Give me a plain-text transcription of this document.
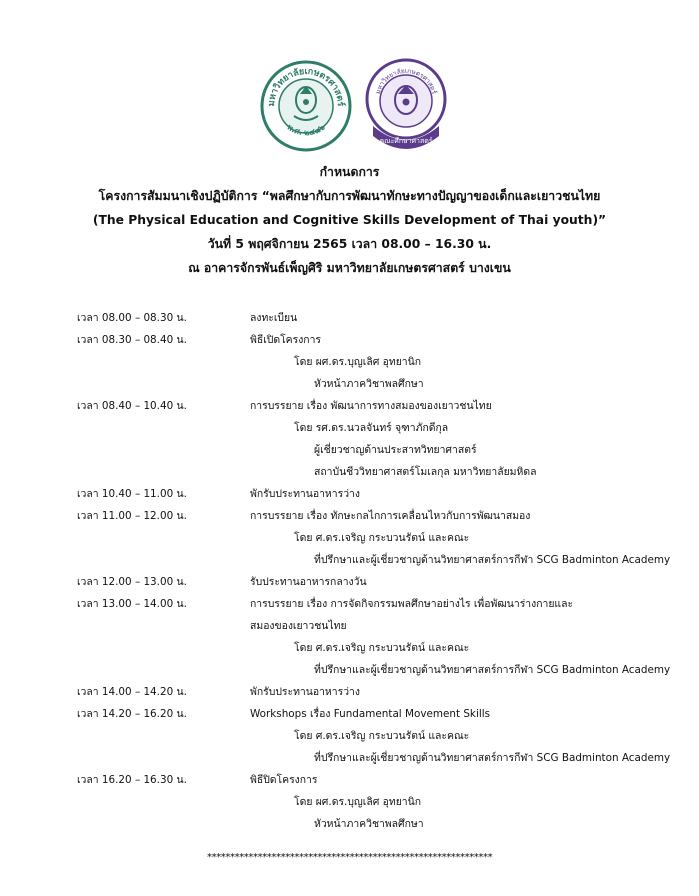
มหาวิทยาลัยเกษตรศาสตร์
พ.ศ. ๒๔๘๖
มหาวิทยาลัยเกษตรศาสตร์
คณะศึกษาศาสตร์
กำหนดการ
โครงการสัมมนาเชิงปฏิบัติการ “พลศึกษากับการพัฒนาทักษะทางปัญญาของเด็กและเยาวชนไทย
(The Physical Education and Cognitive Skills Development of Thai youth)”
วันที่ 5 พฤศจิกายน 2565 เวลา 08.00 – 16.30 น.
ณ อาคารจักรพันธ์เพ็ญศิริ มหาวิทยาลัยเกษตรศาสตร์ บางเขน
เวลา 08.00 – 08.30 น.	ลงทะเบียน
เวลา 08.30 – 08.40 น.	พิธีเปิดโครงการ
โดย ผศ.ดร.บุญเลิศ อุทยานิก
หัวหน้าภาควิชาพลศึกษา
เวลา 08.40 – 10.40 น.	การบรรยาย เรื่อง พัฒนาการทางสมองของเยาวชนไทย
โดย รศ.ดร.นวลจันทร์ จุฑาภักดีกุล
ผู้เชี่ยวชาญด้านประสาทวิทยาศาสตร์
สถาบันชีววิทยาศาสตร์โมเลกุล มหาวิทยาลัยมหิดล
เวลา 10.40 – 11.00 น.	พักรับประทานอาหารว่าง
เวลา 11.00 – 12.00 น.	การบรรยาย เรื่อง ทักษะกลไกการเคลื่อนไหวกับการพัฒนาสมอง
โดย ศ.ดร.เจริญ กระบวนรัตน์ และคณะ
ที่ปรึกษาและผู้เชี่ยวชาญด้านวิทยาศาสตร์การกีฬา SCG Badminton Academy
เวลา 12.00 – 13.00 น.	รับประทานอาหารกลางวัน
เวลา 13.00 – 14.00 น.	การบรรยาย เรื่อง การจัดกิจกรรมพลศึกษาอย่างไร เพื่อพัฒนาร่างกายและ
สมองของเยาวชนไทย
โดย ศ.ดร.เจริญ กระบวนรัตน์ และคณะ
ที่ปรึกษาและผู้เชี่ยวชาญด้านวิทยาศาสตร์การกีฬา SCG Badminton Academy
เวลา 14.00 – 14.20 น.	พักรับประทานอาหารว่าง
เวลา 14.20 – 16.20 น.	Workshops เรื่อง Fundamental Movement Skills
โดย ศ.ดร.เจริญ กระบวนรัตน์ และคณะ
ที่ปรึกษาและผู้เชี่ยวชาญด้านวิทยาศาสตร์การกีฬา SCG Badminton Academy
เวลา 16.20 – 16.30 น.	พิธีปิดโครงการ
โดย ผศ.ดร.บุญเลิศ อุทยานิก
หัวหน้าภาควิชาพลศึกษา
**************************************************************
